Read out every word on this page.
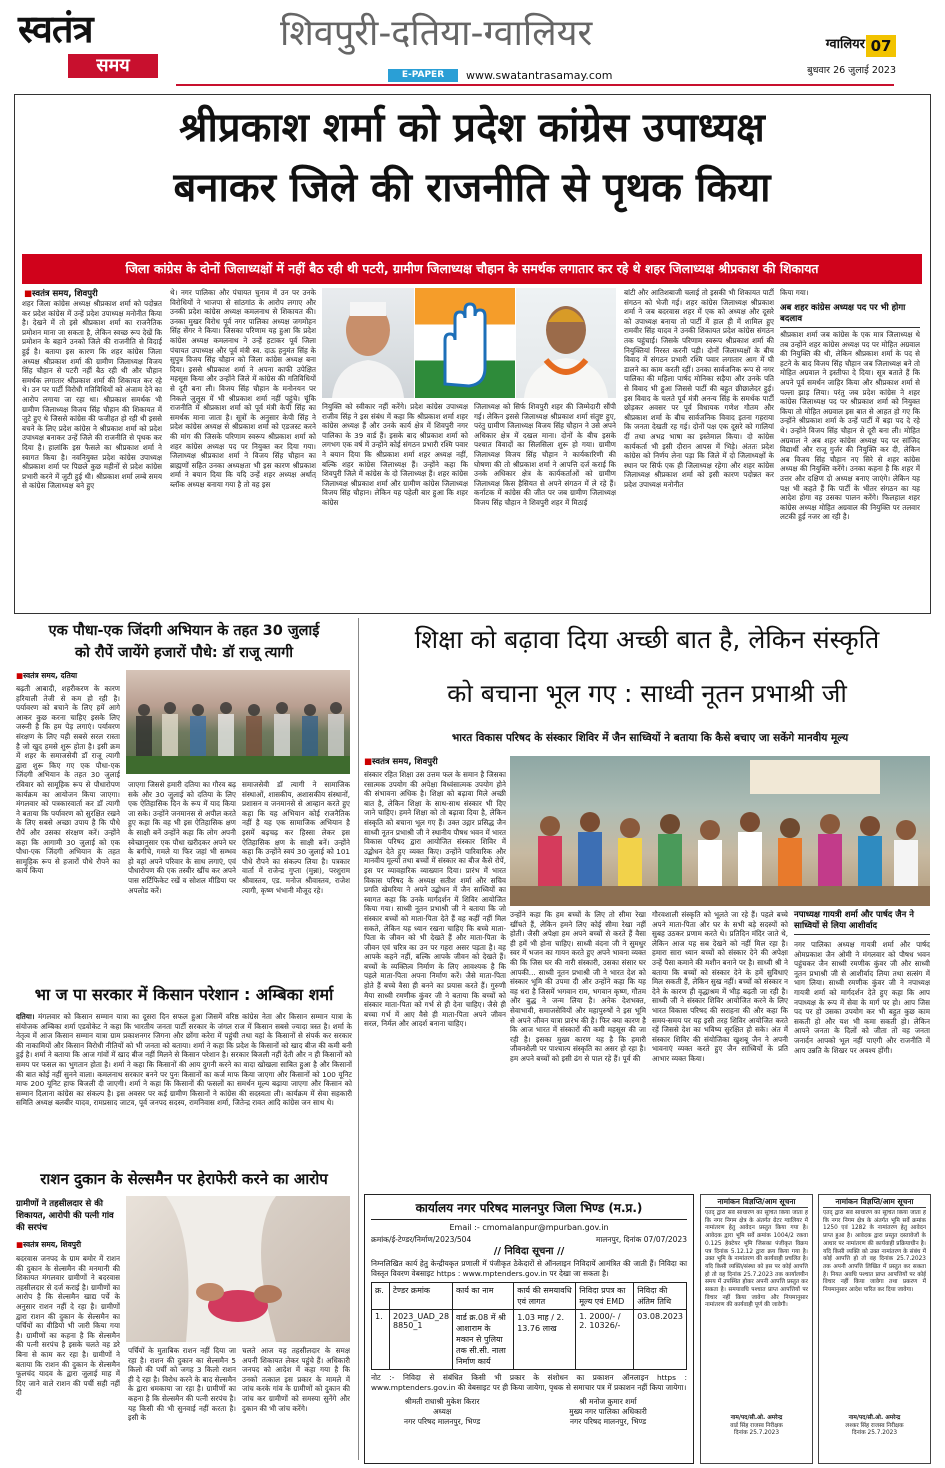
स्वतंत्र
समय
शिवपुरी-दतिया-ग्वालियर
E-PAPER	www.swatantrasamay.com
ग्वालियर 07
बुधवार 26 जुलाई 2023
श्रीप्रकाश शर्मा को प्रदेश कांग्रेस उपाध्यक्ष
बनाकर जिले की राजनीति से पृथक किया
जिला कांग्रेस के दोनों जिलाध्यक्षों में नहीं बैठ रही थी पटरी, ग्रामीण जिलाध्यक्ष चौहान के समर्थक लगातार कर रहे थे शहर जिलाध्यक्ष श्रीप्रकाश की शिकायत
■ स्वतंत्र समय, शिवपुरी
शहर जिला कांग्रेस अध्यक्ष श्रीप्रकाश शर्मा को पदोन्नत कर प्रदेश कांग्रेस में उन्हें प्रदेश उपाध्यक्ष मनोनीत किया है। देखने में तो इसे श्रीप्रकाश शर्मा का राजनैतिक प्रमोशन माना जा सकता है, लेकिन स्वच्छ रूप देखें कि प्रमोशन के बहाने उनको जिले की राजनीति से विदाई हुई है। बताया इस कारण कि शहर कांग्रेस जिला अध्यक्ष श्रीप्रकाश शर्मा की ग्रामीण जिलाध्यक्ष विजय सिंह चौहान से पटरी नहीं बैठ रही थी और चौहान समर्थक लगातार श्रीप्रकाश शर्मा की शिकायत कर रहे थे। उन पर पार्टी विरोधी गतिविधियों को अंजाम देने का आरोप लगाया जा रहा था। श्रीप्रकाश समर्थक भी ग्रामीण जिलाध्यक्ष विजय सिंह चौहान की शिकायत में जुटे हुए थे जिससे कांग्रेस की फजीहत हो रही थी इससे बचने के लिए प्रदेश कांग्रेस ने श्रीप्रकाश शर्मा को प्रदेश उपाध्यक्ष बनाकर उन्हें जिले की राजनीति से पृथक कर दिया है। हालांकि इस फैसले का श्रीप्रकाश शर्मा ने स्वागत किया है। नवनियुक्त प्रदेश कांग्रेस उपाध्यक्ष श्रीप्रकाश शर्मा पर पिछले कुछ महीनों से प्रदेश कांग्रेस प्रभारी करने में जुटी हुई थी। श्रीप्रकाश शर्मा लम्बे समय से कांग्रेस जिलाध्यक्ष बने हुए
थे। नगर पालिका और पंचायत चुनाव में उन पर उनके विरोधियों ने भाजपा से सांठगांठ के आरोप लगाए और उनकी प्रदेश कांग्रेस अध्यक्ष कमलनाथ से शिकायत की। उनका मुखर विरोध पूर्व नगर पालिका अध्यक्ष जगमोहन सिंह सेंगर ने किया। जिसका परिणाम यह हुआ कि प्रदेश कांग्रेस अध्यक्ष कमलनाथ ने उन्हें हटाकर पूर्व जिला पंचायत उपाध्यक्ष और पूर्व मंत्री स्व. दाऊ हनुमंत सिंह के सुपुत्र विजय सिंह चौहान को जिला कांग्रेस अध्यक्ष बना दिया। इससे श्रीप्रकाश शर्मा ने अपना काफी उपेक्षित महसूस किया और उन्होंने जिले में कांग्रेस की गतिविधियों से दूरी बना ली। विजय सिंह चौहान के मनोनयन पर निकले जुलूस में भी श्रीप्रकाश शर्मा नहीं पहुंचे। चूंकि राजनीति में श्रीप्रकाश शर्मा को पूर्व मंत्री केपी सिंह का समर्थक माना जाता है। सूत्रों के अनुसार केपी सिंह ने प्रदेश कांग्रेस अध्यक्ष से श्रीप्रकाश शर्मा को एडजस्ट करने की मांग की जिसके परिणाम स्वरूप श्रीप्रकाश शर्मा को शहर कांग्रेस अध्यक्ष पद पर नियुक्त कर दिया गया। जिलाध्यक्ष श्रीप्रकाश शर्मा ने विजय सिंह चौहान का ब्राह्मणों सहित उनका अध्यक्षता भी इस कारण श्रीप्रकाश शर्मा ने बयान दिया कि यदि उन्हें शहर अध्यक्ष अर्थात् ब्लॉक अध्यक्ष बनाया गया है तो वह इस
नियुक्ति को स्वीकार नहीं करेंगे। प्रदेश कांग्रेस उपाध्यक्ष राजीव सिंह ने इस संबंध में कहा कि श्रीप्रकाश शर्मा शहर कांग्रेस अध्यक्ष हैं और उनके कार्य क्षेत्र में शिवपुरी नगर पालिका के 39 वार्ड हैं। इसके बाद श्रीप्रकाश शर्मा को लगभग एक वर्ष में उन्होंने कोई संगठन प्रभारी रश्मि पवार ने बयान दिया कि श्रीप्रकाश शर्मा शहर अध्यक्ष नहीं, बल्कि शहर कांग्रेस जिलाध्यक्ष हैं। उन्होंने कहा कि शिवपुरी जिले में कांग्रेस के दो जिलाध्यक्ष हैं। शहर कांग्रेस जिलाध्यक्ष श्रीप्रकाश शर्मा और ग्रामीण कांग्रेस जिलाध्यक्ष विजय सिंह चौहान। लेकिन यह पहेली बार हुआ कि शहर कांग्रेस
जिलाध्यक्ष को सिर्फ शिवपुरी शहर की जिम्मेदारी सौंपी गई। लेकिन इससे जिलाध्यक्ष श्रीप्रकाश शर्मा संतुष्ट हुए, परंतु ग्रामीण जिलाध्यक्ष विजय सिंह चौहान ने उसे अपने अधिकार क्षेत्र में दखल माना। दोनों के बीच इसके पश्चात विवादों का सिलसिला शुरू हो गया। ग्रामीण जिलाध्यक्ष विजय सिंह चौहान ने कार्यकारिणी की घोषणा की तो श्रीप्रकाश शर्मा ने आपत्ति दर्ज कराई कि उनके अधिकार क्षेत्र के कार्यकर्ताओं को ग्रामीण जिलाध्यक्ष किस हैसियत से अपने संगठन में ले रहे हैं। कर्नाटक में कांग्रेस की जीत पर जब ग्रामीण जिलाध्यक्ष विजय सिंह चौहान ने शिवपुरी शहर में मिठाई
बांटी और आतिशबाजी चलाई तो इसकी भी शिकायत पार्टी संगठन को भेजी गई। शहर कांग्रेस जिलाध्यक्ष श्रीप्रकाश शर्मा ने जब बदरवास शहर में एक को अध्यक्ष और दूसरे को उपाध्यक्ष बनाया तो पार्टी में हाल ही में शामिल हुए रामवीर सिंह यादव ने उनकी शिकायत प्रदेश कांग्रेस संगठन तक पहुंचाई। जिसके परिणाम स्वरूप श्रीप्रकाश शर्मा की नियुक्तियां निरस्त करनी पड़ी। दोनों जिलाध्यक्षों के बीच विवाद में संगठन प्रभारी रश्मि पवार लगातार आग में घी डालने का काम करती रहीं। उनका सार्वजनिक रूप से नगर पालिका की महिला पार्षद मोनिका सड़ैया और उनके पति से विवाद भी हुआ जिससे पार्टी की बहुत छीछालेदर हुई। इस विवाद के चलते पूर्व मंत्री अनन्य सिंह के समर्थक पार्टी छोड़कर अवसर पर पूर्व विधायक गणेश गौतम और श्रीप्रकाश शर्मा के बीच सार्वजनिक विवाद इतना गहराया कि जनता देखती रह गई। दोनों पक्ष एक दूसरे को गालियां दीं तथा अभद्र भाषा का इस्तेमाल किया। दो कांग्रेस कार्यकर्ता भी इसी दौरान आपस में भिड़े। अंततः प्रदेश कांग्रेस को निर्णय लेना पड़ा कि जिले में दो जिलाध्यक्षों के स्थान पर सिर्फ एक ही जिलाध्यक्ष रहेगा और शहर कांग्रेस जिलाध्यक्ष श्रीप्रकाश शर्मा को इसी कारण पदोन्नत कर प्रदेश उपाध्यक्ष मनोनीत
किया गया।
अब शहर कांग्रेस अध्यक्ष पद पर भी होगा बदलाव
श्रीप्रकाश शर्मा जब कांग्रेस के एक मात्र जिलाध्यक्ष थे तब उन्होंने शहर कांग्रेस अध्यक्ष पद पर मोहित अग्रवाल की नियुक्ति की थी, लेकिन श्रीप्रकाश शर्मा के पद से हटने के बाद विजय सिंह चौहान जब जिलाध्यक्ष बने तो मोहित अग्रवाल ने इस्तीफा दे दिया। सूत्र बताते हैं कि अपने पूर्व समर्थन जाहिर किया और श्रीप्रकाश शर्मा से पल्ला झाड़ लिया। परंतु जब प्रदेश कांग्रेस ने शहर कांग्रेस जिलाध्यक्ष पद पर श्रीप्रकाश शर्मा को नियुक्त किया तो मोहित अग्रवाल इस बात से आहत हो गए कि उन्होंने श्रीप्रकाश शर्मा के उन्हें पार्टी में बड़ा पद दे रहे थे। उन्होंने विजय सिंह चौहान से दूरी बना ली। मोहित अग्रवाल ने अब शहर कांग्रेस अध्यक्ष पद पर सांजिद विद्यार्थी और राजू गुर्जर की नियुक्ति कर दी, लेकिन अब विजय सिंह चौहान नए सिरे से शहर कांग्रेस अध्यक्ष की नियुक्ति करेंगे। उनका कहना है कि शहर में उत्तर और दक्षिण दो अध्यक्ष बनाए जाएंगे। लेकिन यह पक्ष भी कहते हैं कि पार्टी के भीतर संगठन का यह आदेश होगा वह उसका पालन करेंगे। फिलहाल शहर कांग्रेस अध्यक्ष मोहित अग्रवाल की नियुक्ति पर तलवार लटकी हुई नजर आ रही है।
एक पौधा-एक जिंदगी अभियान के तहत 30 जुलाई
को रौपें जायेंगे हजारों पौधे: डॉ राजू त्यागी
■ स्वतंत्र समय, दतिया
बढ़ती आबादी, शहरीकरण के कारण हरियाली तेजी से कम हो रही है। पर्यावरण को बचाने के लिए हमें आगे आकर कुछ करना चाहिए इसके लिए जरूरी है कि हम पेड़ लगाएं। पर्यावरण संरक्षण के लिए यही सबसे सरल रास्ता है जो खुद हमसे शुरू होता है। इसी क्रम में शहर के समाजसेवी डॉ राजू त्यागी द्वारा शुरू किए गए एक पौधा-एक जिंदगी अभियान के तहत 30 जुलाई रविवार को सामूहिक रूप से पौधारोपण कार्यक्रम का आयोजन किया जाएगा। मंगलवार को पत्रकारवार्ता कर डॉ त्यागी ने बताया कि पर्यावरण को सुरक्षित रखने के लिए सबसे अच्छा उपाय है कि पौधे रौपें और उसका संरक्षण करें। उन्होंने कहा कि आगामी 30 जुलाई को एक पौधा-एक जिंदगी अभियान के तहत सामूहिक रूप से हजारों पौधे रौपने का कार्य किया
जाएगा जिससे हमारी दतिया का गौरव बढ़ सके और 30 जुलाई को दतिया के लिए एक ऐतिहासिक दिन के रूप में याद किया जा सके। उन्होंने जनमानस से अपील करते हुए कहा कि वह भी इस ऐतिहासिक क्षण के साक्षी बनें उन्होंने कहा कि लोग अपनी स्वेच्छानुसार एक पौधा खरीदकर अपने घर के बगीचे, गमले या फिर जहां भी सम्भव हो वहां अपने परिवार के साथ लगाएं, एवं पौधारोपण की एक तस्वीर खींच कर अपने पास सर्टिफिकेट रखें व सोशल मीडिया पर अपलोड करें।
समाजसेवी डॉ त्यागी ने सामाजिक संस्थाओं, शासकीय, अशासकीय संस्थानों, प्रशासन व जनमानसे से आव्हान करते हुए कहा कि यह अभियान कोई राजनैतिक नहीं है यह एक सामाजिक अभियान है इसमें बढ़चढ़ कर हिस्सा लेकर इस ऐतिहासिक क्षण के साक्षी बनें। उन्होंने कहा कि उन्होंने स्वयं 30 जुलाई को 101 पौधे रौपने का संकल्प लिया है। पत्रकार वार्ता में राजेन्द्र गुप्ता (मुन्ना), परशुराम श्रीवास्तव, एड. मनोज श्रीवास्तव, राजेश त्यागी, कृष्ण भंभानी मौजूद रहे।
भा ज पा सरकार में किसान परेशान : अम्बिका शर्मा
दतिया। मंगलवार को किसान सम्मान यात्रा का दूसरा दिन सफल हुआ जिसमें वरिष्ठ कांग्रेस नेता और किसान सम्मान यात्रा के संयोजक अम्बिका शर्मा एडवोकेट ने कहा कि भारतीय जनता पार्टी सरकार के जंगल राज में किसान सबसे ज्यादा त्रस्त है। शर्मा के नेतृत्व में आज किसान सम्मान यात्रा ग्राम प्रकाशनगर जिगना और छोंगा करेरा में पहुंची तथा यहां के किसानों से संपर्क कर सरकार की नाकामियों और किसान विरोधी नीतियों को भी जनता को बताया। शर्मा ने कहा कि प्रदेश के किसानों को खाद बीज की कमी बनी हुई है। शर्मा ने बताया कि आज गांवों में खाद बीज नहीं मिलने से किसान परेशान है। सरकार बिजली नहीं देती और न ही किसानों को समय पर फसल का भुगतान होता है। शर्मा ने कहा कि किसानों की आय दुगनी करने का वादा खोखला साबित हुआ है और किसानों की बात कोई नहीं सुनने वाला। कमलनाथ सरकार बनने पर पुनः किसानों का कर्ज माफ किया जाएगा और किसानों को 100 यूनिट माफ 200 यूनिट हाफ बिजली दी जाएगी। शर्मा ने कहा कि किसानों की फसलों का समर्थन मूल्य बढ़ाया जाएगा और किसान को सम्मान दिलाना कांग्रेस का संकल्प है। इस अवसर पर कई ग्रामीण किसानों ने कांग्रेस की सदस्यता ली। कार्यक्रम में सेवा सहकारी समिति अध्यक्ष बलबीर यादव, रामप्रसाद जाटव, पूर्व जनपद सदस्य, रामनिवास शर्मा, जितेन्द्र रावत आदि कांग्रेस जन साथ थे।
राशन दुकान के सेल्समैन पर हेराफेरी करने का आरोप
ग्रामीणों ने तहसीलदार से की शिकायत, आरोपी की पत्नी गांव की सरपंच
■ स्वतंत्र समय, शिवपुरी
बदरवास जनपद के ग्राम बमोर में राशन की दुकान के सेल्समैन की मनमानी की शिकायत मंगलवार ग्रामीणों ने बदरवास तहसीलदार से दर्ज कराई है। ग्रामीणों का आरोप है कि सेल्समैन खाद्य पर्चे के अनुसार राशन नहीं दे रहा है। ग्रामीणों द्वारा राशन की दुकान के सेल्समैन का पर्चियों का वीडियो भी जारी किया गया है। ग्रामीणों का कहना है कि सेल्समैन की पत्नी सरपंच है इसके चलते वह डरे बिना से काम कर रहा है। ग्रामीणों ने बताया कि राशन की दुकान के सेल्समैन फूलचंद यादव के द्वारा जुलाई माह में दिए जाने वाले राशन की पर्ची सही नहीं दी
पर्चियों के मुताबिक राशन नहीं दिया जा रहा है। राशन की दुकान का सेल्समैन 5 किलो की पर्ची को जगह 3 किलो राशन ही दे रहा है। विरोध करने के बाद सेल्समैन के द्वारा धमकाया जा रहा है। ग्रामीणों का कहना है कि सेल्समैन की पत्नी सरपंच है। यह किसी की भी सुनवाई नहीं करता है। इसी के
चलते आज यह तहसीलदार के समक्ष अपनी शिकायत लेकर पहुंचे हैं। अधिकारी जनपद को आदेश में कहा गया है कि उनको तत्काल इस प्रकार के मामले में जांच करके गांव के ग्रामीणों को दुकान की जांच कर ग्रामीणों को समस्या सुनेंगे और दुकान की भी जांच करेंगे।
शिक्षा को बढ़ावा दिया अच्छी बात है, लेकिन संस्कृति
को बचाना भूल गए : साध्वी नूतन प्रभाश्री जी
भारत विकास परिषद के संस्कार शिविर में जैन साध्वियों ने बताया कि कैसे बचाए जा सकेंगे मानवीय मूल्य
■ स्वतंत्र समय, शिवपुरी
संस्कार रहित शिक्षा उस उत्तम फल के समान है जिसका रसात्मक उपयोग की अपेक्षा विध्वंसात्मक उपयोग होने की संभावना अधिक है। शिक्षा को बढ़ावा मिले अच्छी बात है, लेकिन शिक्षा के साथ-साथ संस्कार भी दिए जाने चाहिए। हमने शिक्षा को तो बढ़ावा दिया है, लेकिन संस्कृति को बचाना भूल गए हैं। उक्त उद्गार प्रसिद्ध जैन साध्वी नूतन प्रभाश्री जी ने स्थानीय पौषध भवन में भारत विकास परिषद द्वारा आयोजित संस्कार शिविर में उद्बोधन देते हुए व्यक्त किए। उन्होंने पारिवारिक और मानवीय मूल्यों तथा बच्चों में संस्कार का बीज कैसे रोपें, इस पर व्यावहारिक व्याख्यान दिया। प्रारंभ में भारत विकास परिषद के अध्यक्ष सतीश शर्मा और सचिव प्रगति खेमरिया ने अपने उद्बोधन में जैन साध्वियों का स्वागत कहा कि उनके मार्गदर्शन में शिविर आयोजित किया गया। साध्वी नूतन प्रभाश्री जी ने बताया कि जो संस्कार बच्चों को माता-पिता देते हैं वह कहीं नहीं मिल सकते, लेकिन यह ध्यान रखना चाहिए कि बच्चे माता-पिता के जीवन को भी देखते हैं और माता-पिता के जीवन एवं चरित्र का उन पर गहरा असर पड़ता है। वह आपके कहने नहीं, बल्कि आपके जीवन को देखते हैं। बच्चों के व्यक्तित्व निर्माण के लिए आवश्यक है कि पहले माता-पिता अपना निर्माण करें। जैसे माता-पिता होते हैं बच्चे वैसा ही बनने का प्रयास करते हैं। गुरुणी मैया साध्वी रमणीक कुंवर जी ने बताया कि बच्चों को संस्कार माता-पिता को गर्भ से ही देना चाहिए। जैसे ही बच्चा गर्भ में आए वैसे ही माता-पिता अपने जीवन सरल, निर्मल और आदर्श बनाना चाहिए।
उन्होंने कहा कि हम बच्चों के लिए तो सीमा रेखा खींचते हैं, लेकिन हमने लिए कोई सीमा रेखा नहीं होती। जैसी अपेक्षा हम अपने बच्चों से करते हैं वैसा ही हमें भी होना चाहिए। साध्वी वंदना जी ने सुमधुर स्वर में भजन का गायन करते हुए अपने भावना व्यक्त की कि जिस घर की नारी संस्कारी, उसका संसार घर आपकी... साध्वी नूतन प्रभाश्री जी ने भारत देश को संस्कार भूमि की उपमा दी और उन्होंने कहा कि यह वह धरा है जिसमें भगवान राम, भगवान कृष्ण, गौतम और बुद्ध ने जन्म लिया है। अनेक देशभक्त, सेवाभावी, समाजसेवियों और महापुरुषों ने इस भूमि से अपने जीवन यात्रा प्रारंभ की है। फिर क्या कारण है कि आज भारत में संस्कारों की कमी महसूस की जा रही है। इसका मुख्य कारण यह है कि हमारी जीवनशैली पर पाश्चात्य संस्कृति का असर हो रहा है। हम अपने बच्चों को इसी ढंग से पाल रहे हैं। पूर्व की
गौरवशाली संस्कृति को भूलते जा रहे हैं। पहले बच्चे अपने माता-पिता और घर के सभी बड़े सदस्यों को सुबह उठकर प्रणाम करते थे। प्रतिदिन मंदिर जाते थे, लेकिन आज यह सब देखने को नहीं मिल रहा है। हमारा सारा ध्यान बच्चों को संस्कार देने की अपेक्षा उन्हें पैसा कमाने की मशीन बनाने पर है। साध्वी श्री ने बताया कि बच्चों को संस्कार देने के हमें सुविधाएं मिल सकती हैं, लेकिन सुख नहीं। बच्चों को संस्कार न देने के कारण ही वृद्धाश्रम में भीड़ बढ़ती जा रही है। साध्वी जी ने संस्कार शिविर आयोजित करने के लिए भारत विकास परिषद की सराहना की और कहा कि समय-समय पर यह इसी तरह शिविर आयोजित करते रहें जिससे देश का भविष्य सुरक्षित हो सके। अंत में संस्कार शिविर की संयोजिका खुशबू जैन ने अपनी भावनाएं व्यक्त करते हुए जैन साध्वियों के प्रति आभार व्यक्त किया।
नपाध्यक्ष गायत्री शर्मा और पार्षद जैन ने साध्वियों से लिया आशीर्वाद
नगर पालिका अध्यक्ष गायत्री शर्मा और पार्षद ओमप्रकाश जैन ओमी ने मंगलवार को पौषध भवन पहुंचकर जैन साध्वी रमणीक कुंवर जी और साध्वी नूतन प्रभाश्री जी से आशीर्वाद लिया तथा सत्संग में भाग लिया। साध्वी रमणीक कुंवर जी ने नपाध्यक्ष गायत्री शर्मा को मार्गदर्शन देते हुए कहा कि आप नपाध्यक्ष के रूप में सेवा के मार्ग पर हो। आप जिस पद पर हो उसका उपयोग कर भी बहुत कुछ काम सकती हो और यश भी कमा सकती हो। लेकिन आपने जनता के दिलों को जीता तो वह जनता जनार्दन आपको भूल नहीं पाएगी और राजनीति में आप उन्नति के शिखर पर अवश्य होंगी।
कार्यालय नगर परिषद मालनपुर जिला भिण्ड (म.प्र.)
Email :- cmomalanpur@mpurban.gov.in
क्रमांक/ई-टेण्डर/निर्माण/2023/504	मालनपुर, दिनांक 07/07/2023
// निविदा सूचना //
निम्नलिखित कार्य हेतु केन्द्रीयकृत प्रणाली में पंजीकृत ठेकेदारों से ऑनलाइन निविदायें आमंत्रित की जाती हैं। निविदा का विस्तृत विवरण वेबसाइट https : www.mptenders.gov.in पर देखा जा सकता है।
क्र.	टेण्डर क्रमांक	कार्य का नाम	कार्य की समयावधि एवं लागत	निविदा प्रपत्र का मूल्य एवं EMD	निविदा की अंतिम तिथि
1.	2023_UAD_28 8850_1	वार्ड क्र.08 में श्री आशाराम के मकान से पुलिया तक सी.सी. नाला निर्माण कार्य	1.03 माह / 2. 13.76 लाख	1. 2000/- / 2. 10326/-	03.08.2023
नोट :- निविदा से संबंधित किसी भी प्रकार के संशोधन का प्रकाशन ऑनलाइन https : www.mptenders.gov.in की वेबसाइट पर ही किया जायेगा, पृथक से समाचार पत्र में प्रकाशन नहीं किया जायेगा।
श्रीमती राधाश्री मुकेश किरार
अध्यक्ष
नगर परिषद मालनपुर, भिण्ड
श्री मनोज कुमार शर्मा
मुख्य नगर पालिका अधिकारी
नगर परिषद मालनपुर, भिण्ड
नामांकन विज्ञप्ति/आम सूचना
एतद् द्वारा सर्व साधारण को सूचित किया जाता है कि नगर निगम क्षेत्र के अंतर्गत ग्रेटर ग्वालियर में नामांतरण हेतु आवेदन प्रस्तुत किया गया है। आवेदक द्वारा भूमि सर्वे क्रमांक 1004/2 रकवा 0.125 हेक्टेयर भूमि जिसका पंजीकृत विक्रय पत्र दिनांक 5.12.12 द्वारा क्रय किया गया है। उक्त भूमि के नामांतरण की कार्यवाही प्रचलित है। यदि किसी व्यक्ति/संस्था को इस पर कोई आपत्ति हो तो वह दिनांक 25.7.2023 तक कार्यालयीन समय में उपस्थित होकर अपनी आपत्ति प्रस्तुत कर सकता है। समयावधि पश्चात प्राप्त आपत्तियों पर विचार नहीं किया जावेगा और नियमानुसार नामांतरण की कार्यवाही पूर्ण की जावेगी।
नाम/पद/सी.ओ. अमरेन्द्र
वार्ड सिंह राजस्व निरीक्षक
दिनांक 25.7.2023
नामांकन विज्ञप्ति/आम सूचना
एतद् द्वारा सर्व साधारण को सूचित किया जाता है कि नगर निगम क्षेत्र के अंतर्गत भूमि सर्वे क्रमांक 1250 एवं 1282 के नामांतरण हेतु आवेदन प्राप्त हुआ है। आवेदक द्वारा प्रस्तुत दस्तावेजों के आधार पर नामांतरण की कार्यवाही प्रक्रियाधीन है। यदि किसी व्यक्ति को उक्त नामांतरण के संबंध में कोई आपत्ति हो तो वह दिनांक 25.7.2023 तक अपनी आपत्ति लिखित में प्रस्तुत कर सकता है। नियत अवधि पश्चात प्राप्त आपत्तियों पर कोई विचार नहीं किया जावेगा तथा प्रकरण में नियमानुसार आदेश पारित कर दिया जावेगा।
नाम/पद/सी.ओ. अमरेन्द्र
लश्कर सिंह राजस्व निरीक्षक
दिनांक 25.7.2023
